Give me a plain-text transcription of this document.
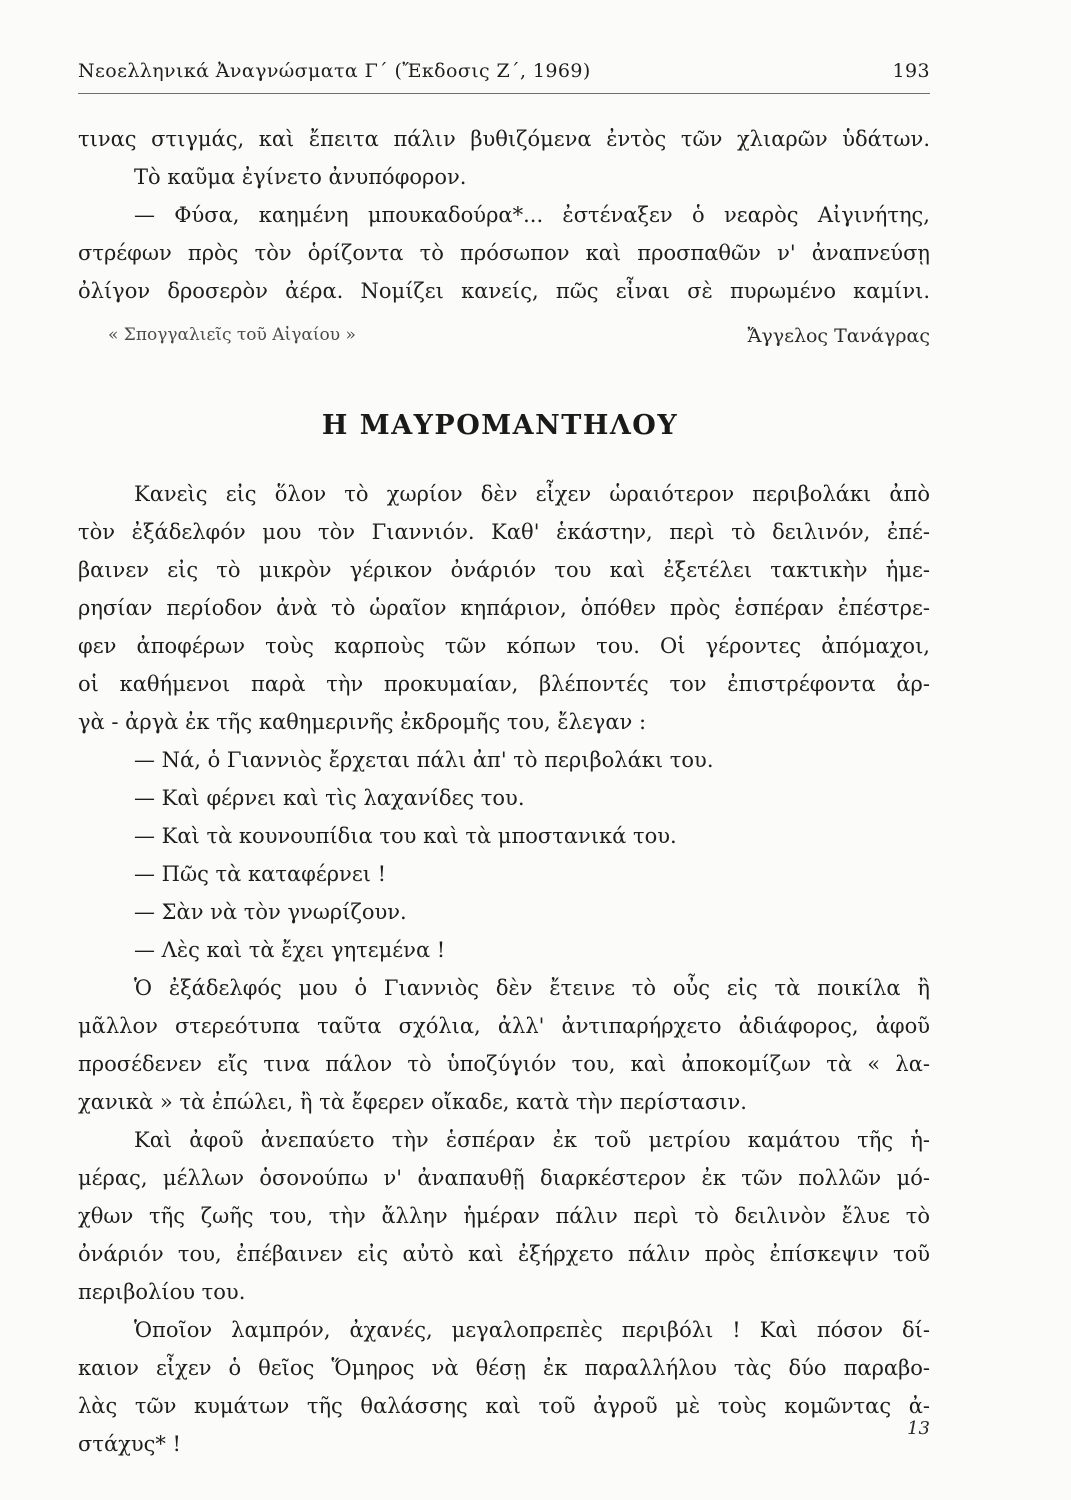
Νεοελληνικά Ἀναγνώσματα Γ΄ (Ἔκδοσις Ζ΄, 1969)	193
τινας στιγμάς, καὶ ἔπειτα πάλιν βυθιζόμενα ἐντὸς τῶν χλιαρῶν ὑδάτων.
Τὸ καῦμα ἐγίνετο ἀνυπόφορον.
— Φύσα, καημένη μπουκαδούρα*... ἐστέναξεν ὁ νεαρὸς Αἰγινήτης,
στρέφων πρὸς τὸν ὁρίζοντα τὸ πρόσωπον καὶ προσπαθῶν ν' ἀναπνεύσῃ
ὀλίγον δροσερὸν ἀέρα. Νομίζει κανείς, πῶς εἶναι σὲ πυρωμένο καμίνι.
« Σπογγαλιεῖς τοῦ Αἰγαίου »	Ἄγγελος Τανάγρας
Η ΜΑΥΡΟΜΑΝΤΗΛΟΥ
Κανεὶς εἰς ὅλον τὸ χωρίον δὲν εἶχεν ὡραιότερον περιβολάκι ἀπὸ
τὸν ἐξάδελφόν μου τὸν Γιαννιόν. Καθ' ἑκάστην, περὶ τὸ δειλινόν, ἐπέ-
βαινεν εἰς τὸ μικρὸν γέρικον ὀνάριόν του καὶ ἐξετέλει τακτικὴν ἡμε-
ρησίαν περίοδον ἀνὰ τὸ ὡραῖον κηπάριον, ὁπόθεν πρὸς ἑσπέραν ἐπέστρε-
φεν ἀποφέρων τοὺς καρποὺς τῶν κόπων του. Οἱ γέροντες ἀπόμαχοι,
οἱ καθήμενοι παρὰ τὴν προκυμαίαν, βλέποντές τον ἐπιστρέφοντα ἀρ-
γὰ - ἀργὰ ἐκ τῆς καθημερινῆς ἐκδρομῆς του, ἔλεγαν :
— Νά, ὁ Γιαννιὸς ἔρχεται πάλι ἀπ' τὸ περιβολάκι του.
— Καὶ φέρνει καὶ τὶς λαχανίδες του.
— Καὶ τὰ κουνουπίδια του καὶ τὰ μποστανικά του.
— Πῶς τὰ καταφέρνει !
— Σὰν νὰ τὸν γνωρίζουν.
— Λὲς καὶ τὰ ἔχει γητεμένα !
Ὁ ἐξάδελφός μου ὁ Γιαννιὸς δὲν ἔτεινε τὸ οὖς εἰς τὰ ποικίλα ἢ
μᾶλλον στερεότυπα ταῦτα σχόλια, ἀλλ' ἀντιπαρήρχετο ἀδιάφορος, ἀφοῦ
προσέδενεν εἴς τινα πάλον τὸ ὑποζύγιόν του, καὶ ἀποκομίζων τὰ « λα-
χανικὰ » τὰ ἐπώλει, ἢ τὰ ἔφερεν οἴκαδε, κατὰ τὴν περίστασιν.
Καὶ ἀφοῦ ἀνεπαύετο τὴν ἑσπέραν ἐκ τοῦ μετρίου καμάτου τῆς ἡ-
μέρας, μέλλων ὁσονούπω ν' ἀναπαυθῇ διαρκέστερον ἐκ τῶν πολλῶν μό-
χθων τῆς ζωῆς του, τὴν ἄλλην ἡμέραν πάλιν περὶ τὸ δειλινὸν ἔλυε τὸ
ὀνάριόν του, ἐπέβαινεν εἰς αὐτὸ καὶ ἐξήρχετο πάλιν πρὸς ἐπίσκεψιν τοῦ
περιβολίου του.
Ὁποῖον λαμπρόν, ἀχανές, μεγαλοπρεπὲς περιβόλι ! Καὶ πόσον δί-
καιον εἶχεν ὁ θεῖος Ὅμηρος νὰ θέσῃ ἐκ παραλλήλου τὰς δύο παραβο-
λὰς τῶν κυμάτων τῆς θαλάσσης καὶ τοῦ ἀγροῦ μὲ τοὺς κομῶντας ἀ-
στάχυς* !
13
